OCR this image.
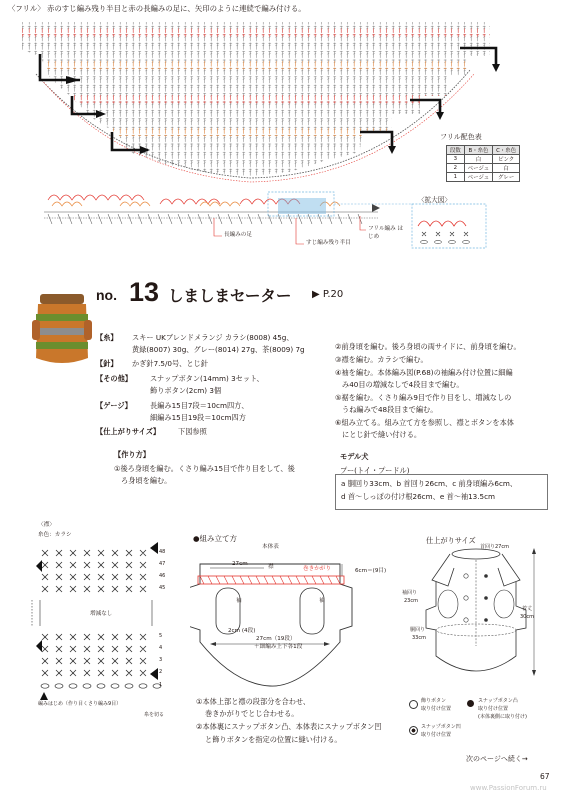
〈フリル〉 赤のすじ編み残り半目と赤の長編みの足に、矢印のように連続で編み付ける。
長編みの足
すじ編み残り半目
フリル編み はじめ
〈拡大図〉
フリル配色表
段数	B・糸色	C・糸色
3	白	ピンク
2	ベージュ	白
1	ベージュ	グレー
no. 13 しましまセーター ▶ P.20
【糸】 スキー UKブレンドメランジ カラシ(8008) 45g、
黄緑(8007) 30g、グレー(8014) 27g、茶(8009) 7g
【針】 かぎ針7.5/0号、とじ針
【その他】	スナップボタン(14mm) 3セット、
飾りボタン(2cm) 3個
【ゲージ】	長編み15目7段＝10cm四方、
細編み15目19段＝10cm四方
【仕上がりサイズ】 下図参照
【作り方】
①後ろ身頃を編む。くさり編み15目で作り目をして、後
ろ身頃を編む。
②前身頃を編む。後ろ身頃の両サイドに、前身頃を編む。
③襟を編む。カラシで編む。
④袖を編む。本体編み図(P.68)の袖編み付け位置に細編
み40目の増減なしで4段目まで編む。
⑤裾を編む。くさり編み9目で作り目をし、増減なしの
うね編みで48段目まで編む。
⑥組み立てる。組み立て方を参照し、襟とボタンを本体
にとじ針で縫い付ける。
モデル犬
プー(トイ・プードル)
a 胴回り33cm、b 首回り26cm、c 前身頃編み6cm、
d 首〜しっぽの付け根26cm、e 首〜袖13.5cm
〈襟〉
糸色：カラシ
48
47
46
45
5
4
3
2
1
増減なし
編みはじめ（作り目くさり編み9目）
糸を切る
●組み立て方
本体表
27cm	襟	巻きかがり	6cm＝(9目)
袖	袖
2cm (4段)
27cm（19段）
＋細編み上下各1段
①本体上部と襟の段部分を合わせ、
巻きかがりでとじ合わせる。
②本体裏にスナップボタン凸、本体表にスナップボタン凹
と飾りボタンを指定の位置に縫い付ける。
仕上がりサイズ
首回り27cm
袖回り
23cm
胴回り
33cm
着丈
30cm
飾りボタン
取り付け位置
スナップボタン凸
取り付け位置
(本体裏側に取り付け)
スナップボタン凹
取り付け位置
次のページへ続く→
67
www.PassionForum.ru
